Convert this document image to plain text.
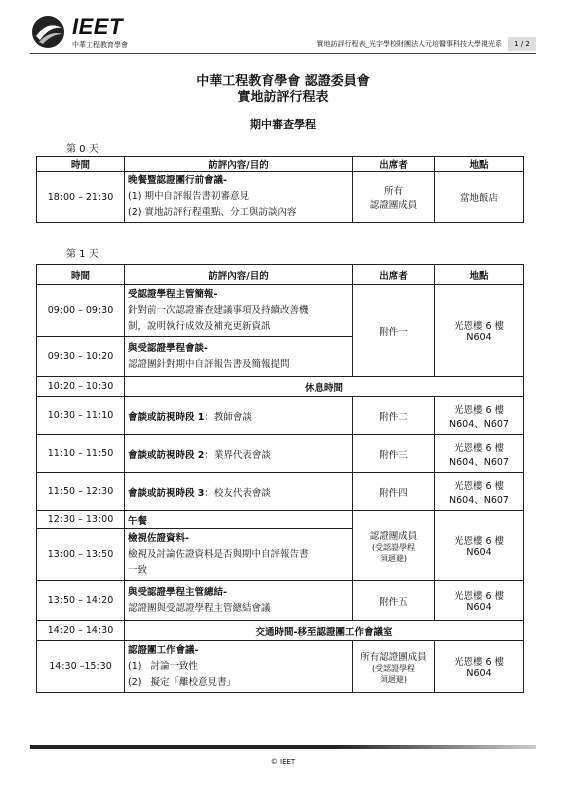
IEET
中華工程教育學會	實地訪評行程表_光宇學校財團法人元培醫事科技大學視光系	1 / 2
中華工程教育學會 認證委員會
實地訪評行程表
期中審查學程
第 0 天
時間	訪評內容/目的	出席者	地點
18:00 – 21:30	晚餐暨認證團行前會議-
(1) 期中自評報告書初審意見
(2) 實地訪評行程重點、分工與訪談內容	所有
認證團成員	當地飯店
第 1 天
時間	訪評內容/目的	出席者	地點
09:00 – 09:30	受認證學程主管簡報-
針對前一次認證審查建議事項及持續改善機
制，說明執行成效及補充更新資訊	附件一	光恩樓 6 樓
N604
09:30 – 10:20	與受認證學程會談-
認證團針對期中自評報告書及簡報提問		
10:20 – 10:30	休息時間		
10:30 – 11:10	會談或訪視時段 1：教師會談	附件二	光恩樓 6 樓
N604、N607
11:10 – 11:50	會談或訪視時段 2：業界代表會談	附件三	光恩樓 6 樓
N604、N607
11:50 – 12:30	會談或訪視時段 3：校友代表會談	附件四	光恩樓 6 樓
N604、N607
12:30 – 13:00	午餐	認證團成員
(受認證學程
須迴避)	光恩樓 6 樓
N604
13:00 – 13:50	檢視佐證資料-
檢視及討論佐證資料是否與期中自評報告書
一致		
13:50 – 14:20	與受認證學程主管總結-
認證團與受認證學程主管總結會議	附件五	光恩樓 6 樓
N604
14:20 – 14:30	交通時間-移至認證團工作會議室		
14:30 –15:30	認證團工作會議-
(1)   討論一致性
(2)   擬定「離校意見書」	所有認證團成員
(受認證學程
須迴避)	光恩樓 6 樓
N604
© IEET
